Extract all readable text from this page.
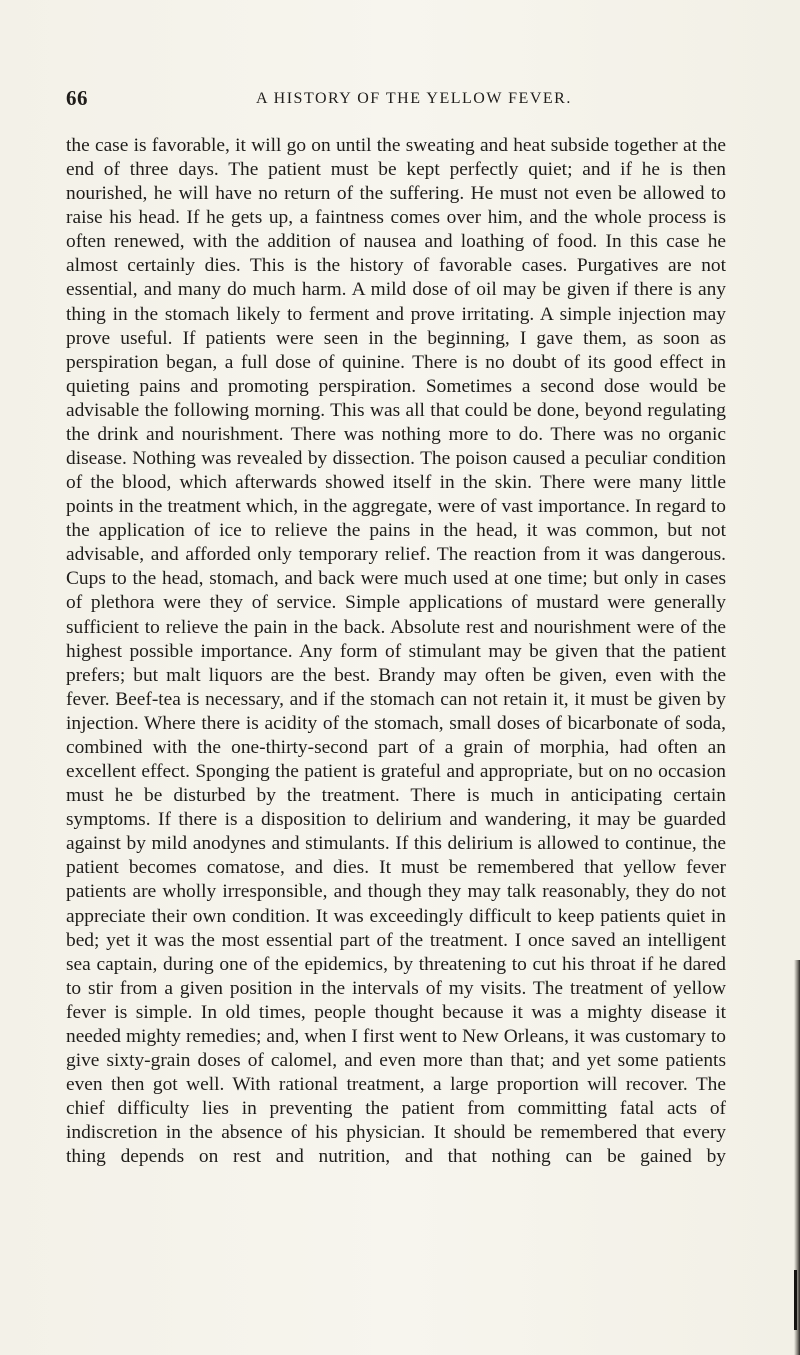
66	A HISTORY OF THE YELLOW FEVER.

the case is favorable, it will go on until the sweating and heat subside together at the end of three days. The patient must be kept perfectly quiet; and if he is then nourished, he will have no return of the suffering. He must not even be allowed to raise his head. If he gets up, a faintness comes over him, and the whole process is often renewed, with the addition of nausea and loathing of food. In this case he almost certainly dies. This is the history of favorable cases. Purgatives are not essential, and many do much harm. A mild dose of oil may be given if there is any thing in the stomach likely to ferment and prove irritating. A simple injection may prove useful. If patients were seen in the beginning, I gave them, as soon as perspiration began, a full dose of quinine. There is no doubt of its good effect in quieting pains and promoting perspiration. Sometimes a second dose would be advisable the following morning. This was all that could be done, beyond regulating the drink and nourishment. There was nothing more to do. There was no organic disease. Nothing was revealed by dissection. The poison caused a peculiar condition of the blood, which afterwards showed itself in the skin. There were many little points in the treatment which, in the aggregate, were of vast importance. In regard to the application of ice to relieve the pains in the head, it was common, but not advisable, and afforded only temporary relief. The reaction from it was dangerous. Cups to the head, stomach, and back were much used at one time; but only in cases of plethora were they of service. Simple applications of mustard were generally sufficient to relieve the pain in the back. Absolute rest and nourishment were of the highest possible importance. Any form of stimulant may be given that the patient prefers; but malt liquors are the best. Brandy may often be given, even with the fever. Beef-tea is necessary, and if the stomach can not retain it, it must be given by injection. Where there is acidity of the stomach, small doses of bicarbonate of soda, combined with the one-thirty-second part of a grain of morphia, had often an excellent effect. Sponging the patient is grateful and appropriate, but on no occasion must he be disturbed by the treatment. There is much in anticipating certain symptoms. If there is a disposition to delirium and wandering, it may be guarded against by mild anodynes and stimulants. If this delirium is allowed to continue, the patient becomes comatose, and dies. It must be remembered that yellow fever patients are wholly irresponsible, and though they may talk reasonably, they do not appreciate their own condition. It was exceedingly difficult to keep patients quiet in bed; yet it was the most essential part of the treatment. I once saved an intelligent sea captain, during one of the epidemics, by threatening to cut his throat if he dared to stir from a given position in the intervals of my visits. The treatment of yellow fever is simple. In old times, people thought because it was a mighty disease it needed mighty remedies; and, when I first went to New Orleans, it was customary to give sixty-grain doses of calomel, and even more than that; and yet some patients even then got well. With rational treatment, a large proportion will recover. The chief difficulty lies in preventing the patient from committing fatal acts of indiscretion in the absence of his physician. It should be remembered that every thing depends on rest and nutrition, and that nothing can be gained by
